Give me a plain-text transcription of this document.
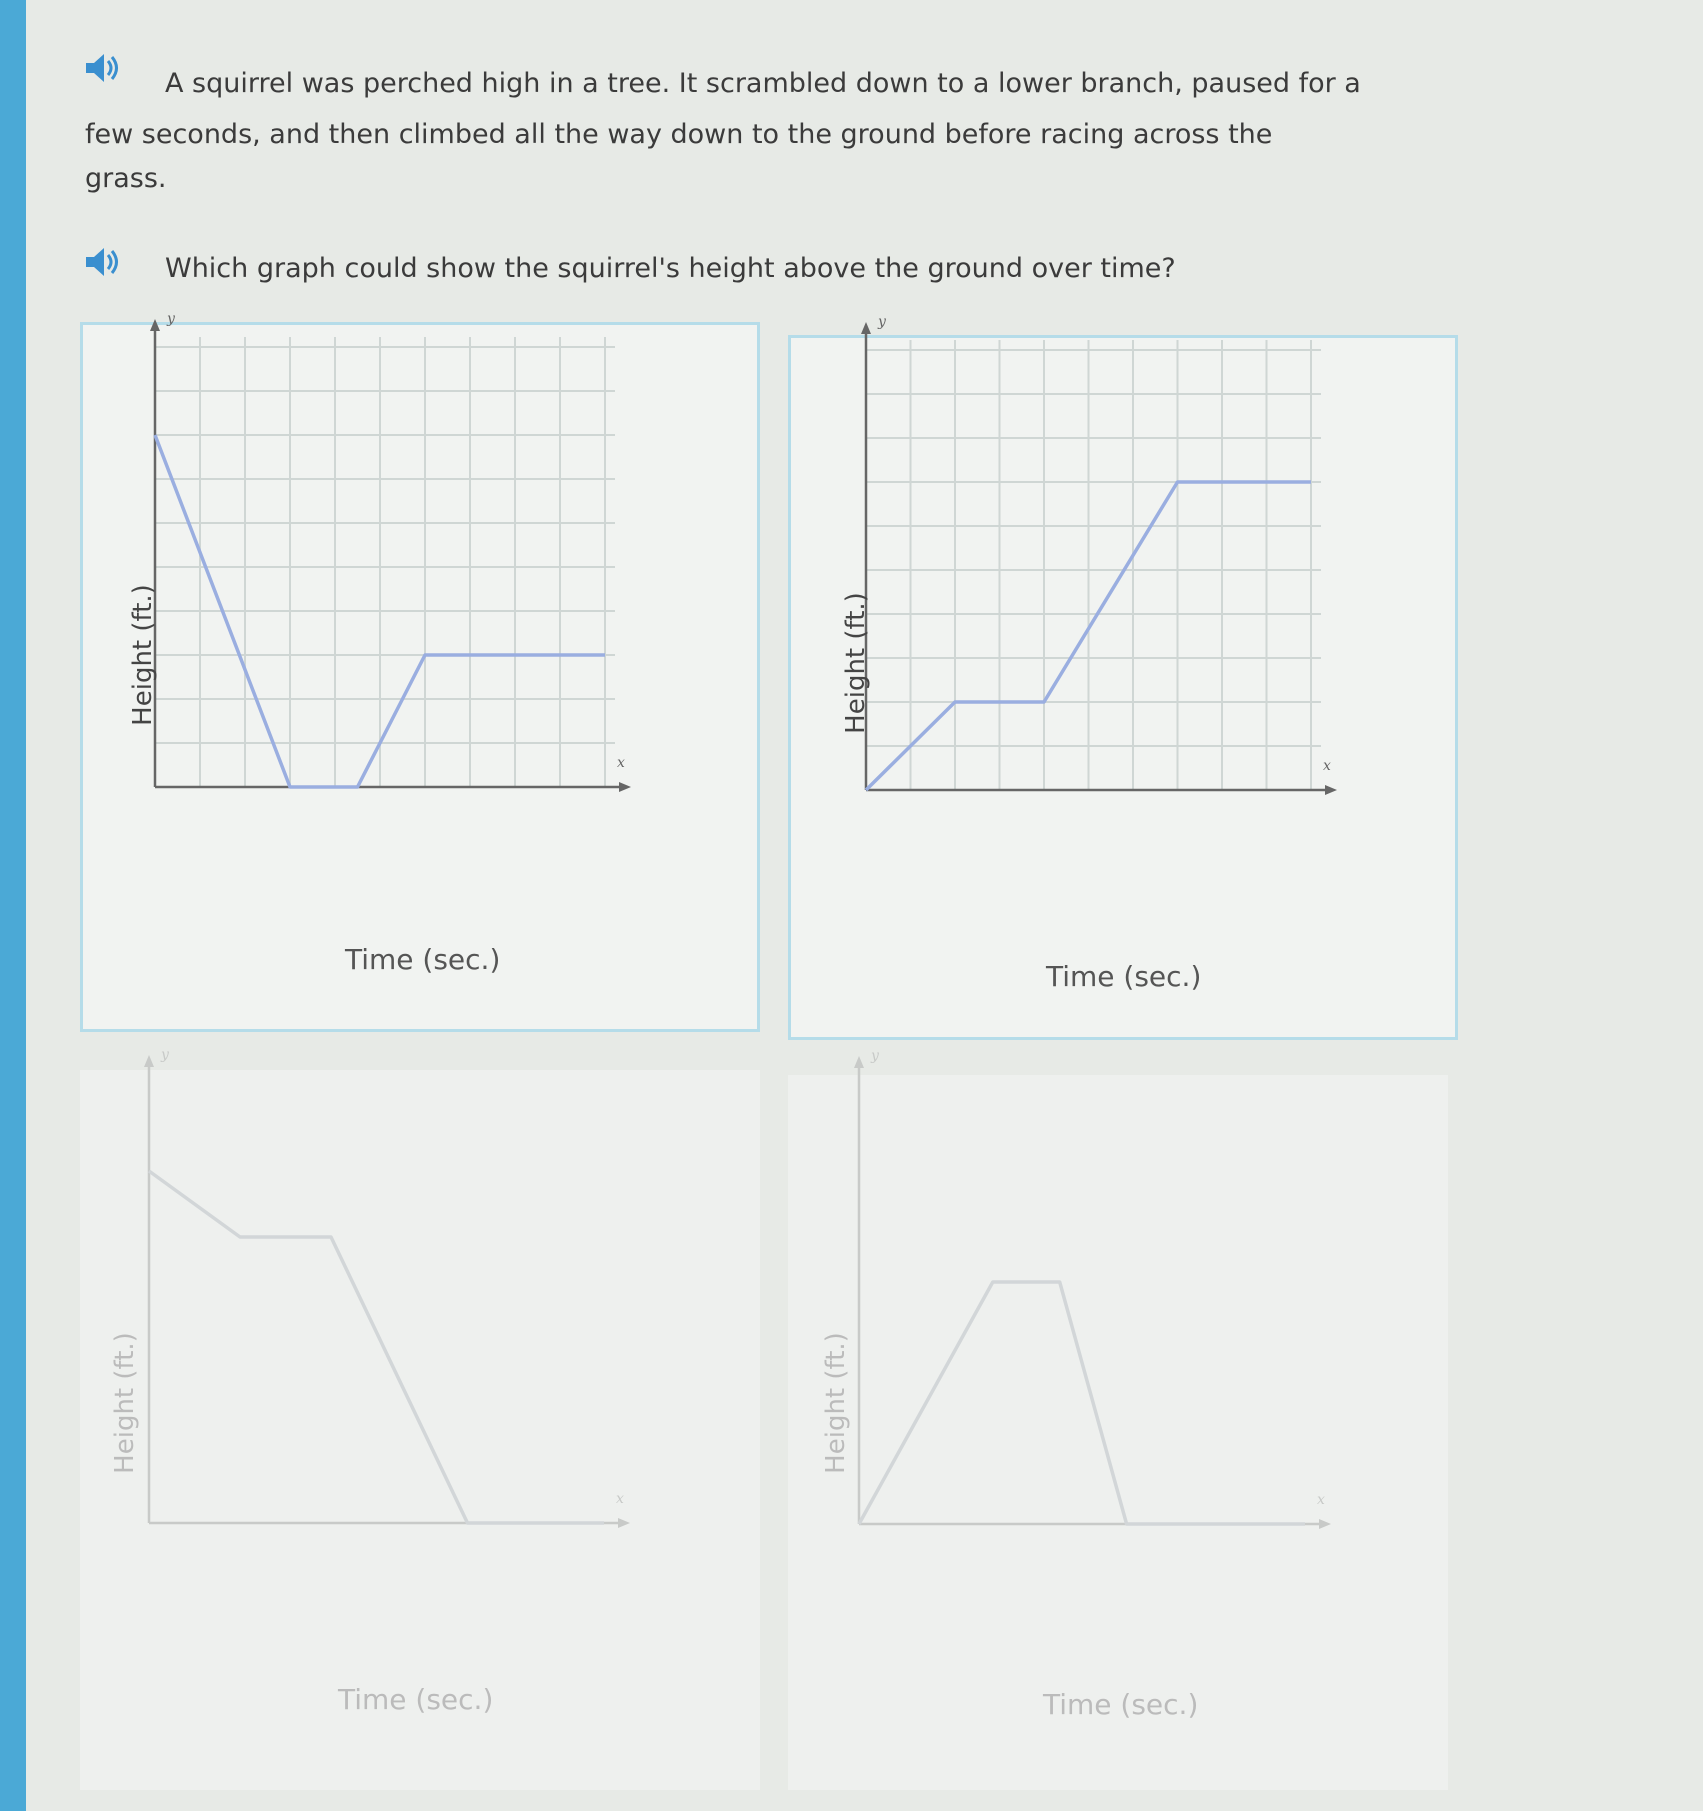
A squirrel was perched high in a tree. It scrambled down to a lower branch, paused for a
few seconds, and then climbed all the way down to the ground before racing across the
grass.
Which graph could show the squirrel's height above the ground over time?
x
y
Height (ft.)
Time (sec.)
x
y
Height (ft.)
Time (sec.)
x
y
Height (ft.)
Time (sec.)
x
y
Height (ft.)
Time (sec.)
